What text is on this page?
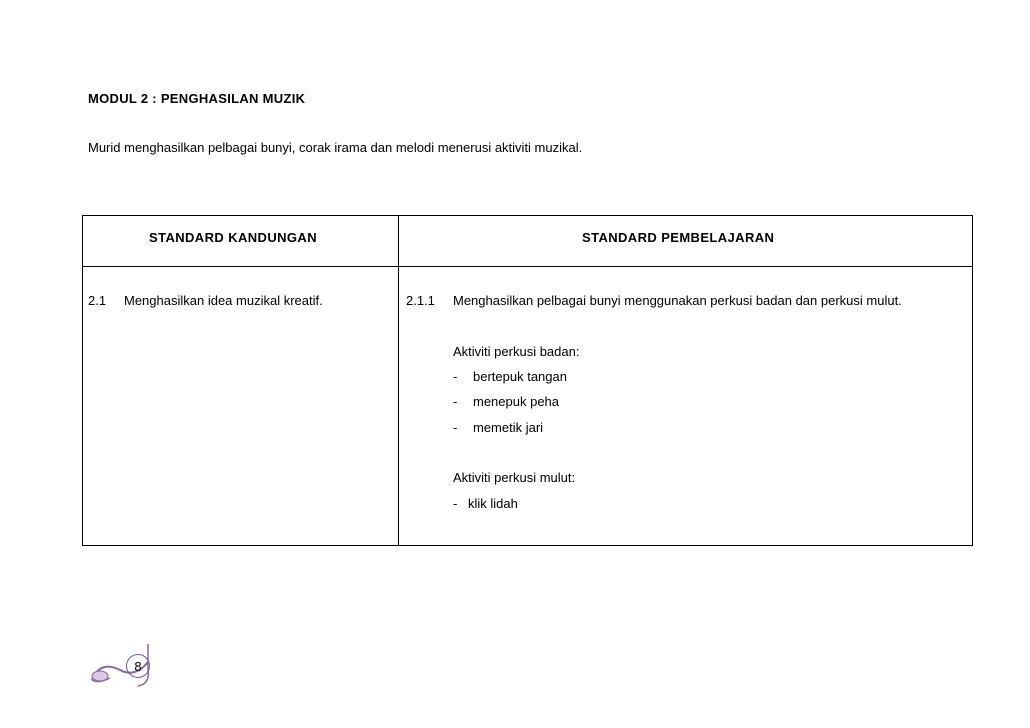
MODUL 2 : PENGHASILAN MUZIK
Murid menghasilkan pelbagai bunyi, corak irama dan melodi menerusi aktiviti muzikal.
STANDARD KANDUNGAN	STANDARD PEMBELAJARAN
2.1 Menghasilkan idea muzikal kreatif.	2.1.1 Menghasilkan pelbagai bunyi menggunakan perkusi badan dan perkusi mulut.
Aktiviti perkusi badan:
- bertepuk tangan
- menepuk peha
- memetik jari
Aktiviti perkusi mulut:
- klik lidah
8
